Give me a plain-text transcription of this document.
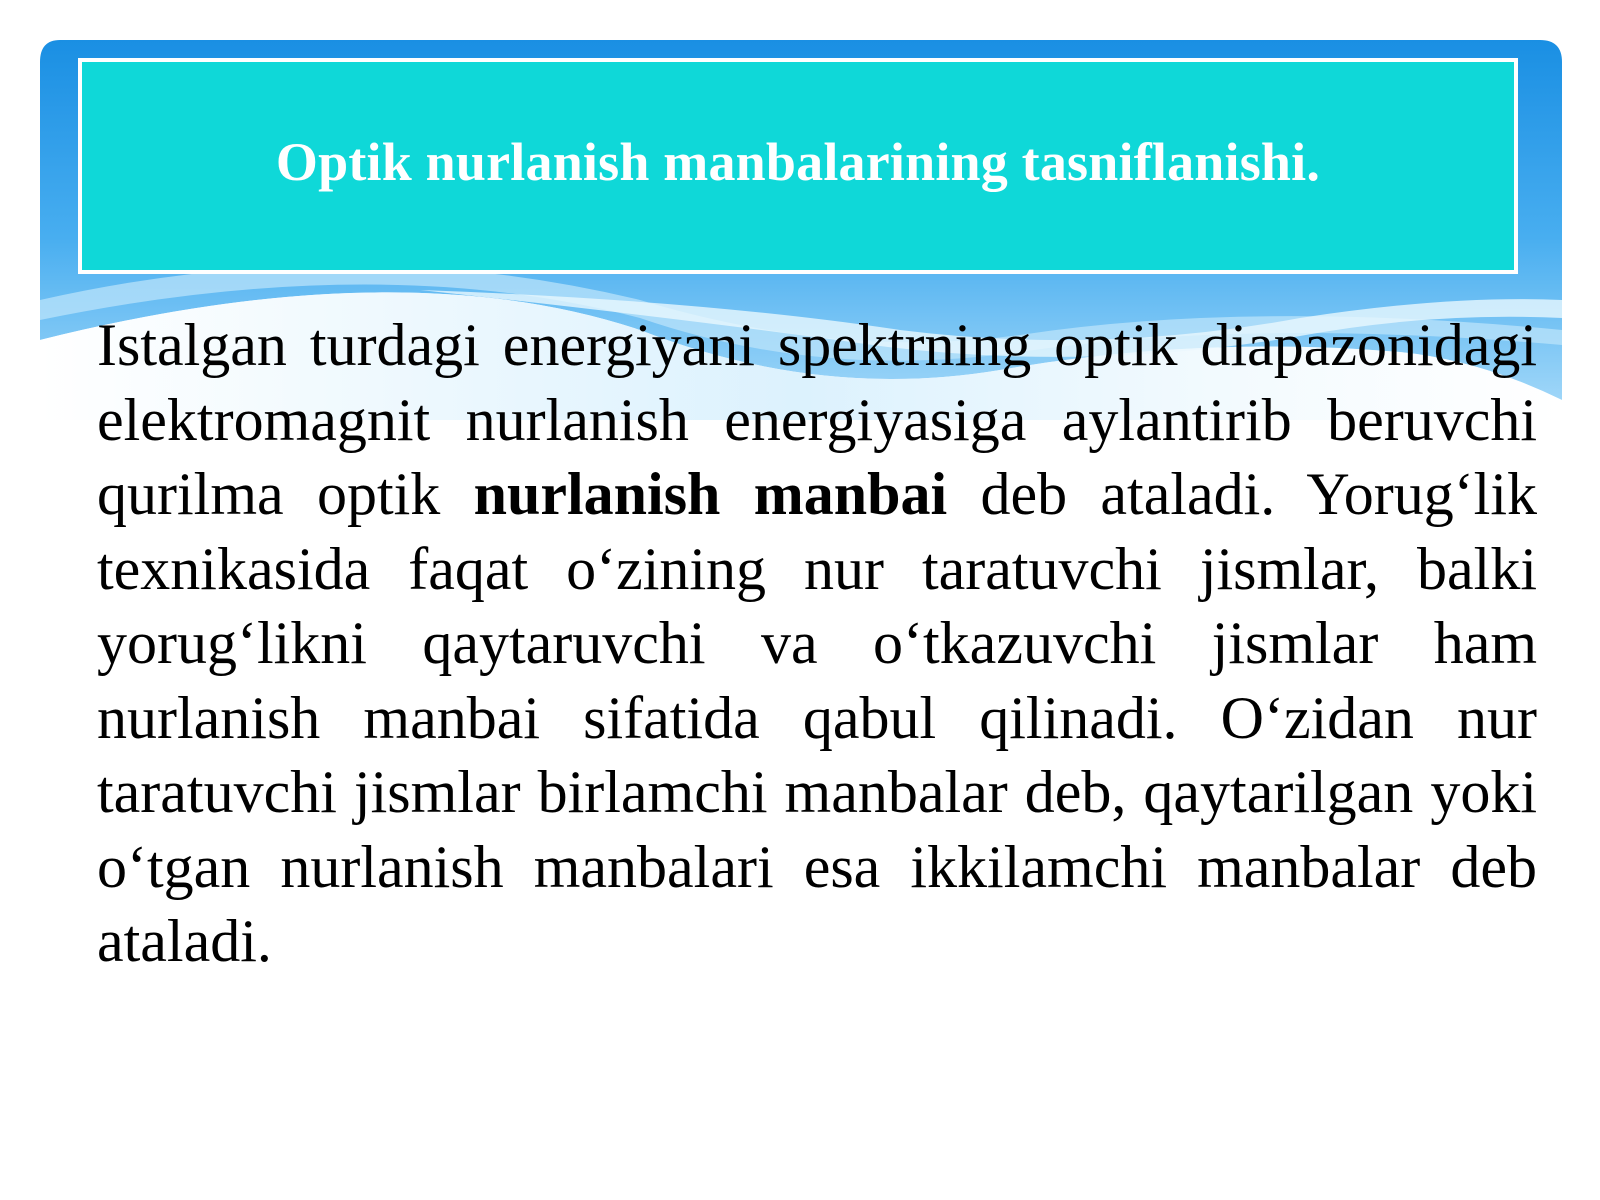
Optik nurlanish manbalarining tasniflanishi.

Istalgan turdagi energiyani spektrning optik diapazonidagi elektromagnit nurlanish energiyasiga aylantirib beruvchi qurilma optik nurlanish manbai deb ataladi. Yorug‘lik texnikasida faqat o‘zining nur taratuvchi jismlar, balki yorug‘likni qaytaruvchi va o‘tkazuvchi jismlar ham nurlanish manbai sifatida qabul qilinadi. O‘zidan nur taratuvchi jismlar birlamchi manbalar deb, qaytarilgan yoki o‘tgan nurlanish manbalari esa ikkilamchi manbalar deb ataladi.
